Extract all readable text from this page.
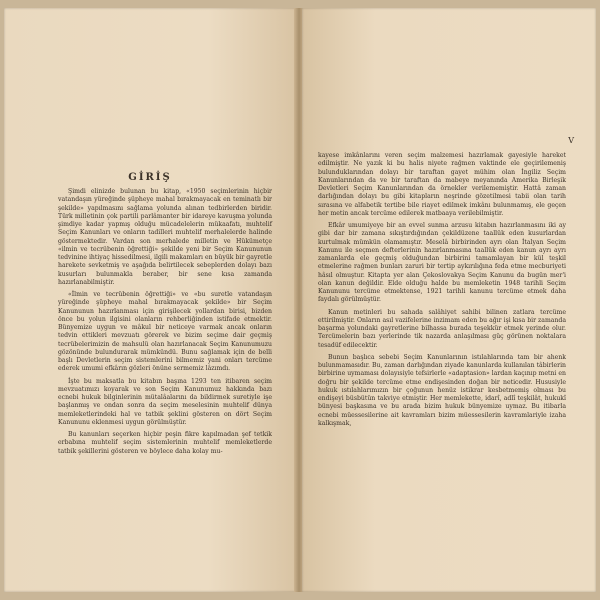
GİRİŞ

Şimdi elinizde bulunan bu kitap, «1950 seçimlerinin hiçbir vatandaşın yüreğinde şüpheye mahal bırakmayacak en teminatlı bir şekilde» yapılmasını sağlama yolunda alınan tedbirlerden biridir. Türk milletinin çok partili parlâmanter bir idareye kavuşma yolunda şimdiye kadar yapmış olduğu mücadelelerin mükaafatı, muhtelif Seçim Kanunları ve onların tadilleri muhtelif merhalelerde halinde göstermektedir. Vardan son merhalede milletin ve Hükümetçe «ilmin ve tecrübenin öğrettiği» şekilde yeni bir Seçim Kanununun tedvinine ihtiyaç hissedilmesi, ilgili makamları en büyük bir gayretle harekete sevketmiş ve aşağıda belirtilecek sebeplerden dolayı bazı kusurları bulunmakla beraber, bir sene kısa zamanda hazırlanabilmiştir.

«İlmin ve tecrübenin öğrettiği» ve «bu suretle vatandaşın yüreğinde şüpheye mahal bırakmayacak şekilde» bir Seçim Kanununun hazırlanması için girişilecek yollardan birisi, bizden önce bu yolun ilgisini olanların rehberliğinden istifade etmektir. Bünyemize uygun ve mâkul bir neticeye varmak ancak onların tedvin ettikleri mevzuatı görerek ve bizim seçime dair geçmiş tecrübelerimizin de mahsulü olan hazırlanacak Seçim Kanunumuzu gözönünde bulundurarak mümkündü. Bunu sağlamak için de belli başlı Devletlerin seçim sistemlerini bilmemiz yani onları tercüme ederek umumi efkârın gözleri önüne sermemiz lâzımdı.

İşte bu maksatla bu kitabın başına 1293 ten itibaren seçim mevzuatımızı koyarak ve son Seçim Kanunumuz hakkında bazı ecnebi hukuk bilginlerinin mütalâalarını da bildirmek suretiyle işe başlanmış ve ondan sonra da seçim meselesinin muhtelif dünya memleketlerindeki hal ve tatbik şeklini gösteren on dört Seçim Kanununu eklenmesi uygun görülmüştür.

Bu kanunları seçerken hiçbir peşin fikre kapılmadan şef tetkik erbabına muhtelif seçim sistemlerinin muhtelif memleketlerde tatbik şekillerini gösteren ve böylece daha kolay mu-

V

kayese imkânlarını veren seçim malzemesi hazırlamak gayesiyle hareket edilmiştir. Ne yazık ki bu halis niyete rağmen vaktinde ele geçirilemeniş bulunduklarından dolayı bir taraftan gayet mühim olan İngiliz Seçim Kanunlarından da ve bir taraftan da mabeye meyanında Amerika Birleşik Devletleri Seçim Kanunlarından da örnekler verilememiştir. Hattâ zaman darlığından dolayı bu gibi kitapların neşrinde gözetilmesi tabii olan tarih sırasına ve alfabetik tertibe bile riayet edilmek imkânı bulunmamış, ele geçen her metin ancak tercüme edilerek matbaaya verilebilmiştir.

Efkâr umumiyeye bir an evvel sunma arzusu kitabın hazırlanmasını iki ay gibi dar bir zamana sıkıştırdığından çekildüzene taallük eden kusurlardan kurtulmak mümkün olamamıştır. Meselâ birbirinden ayrı olan İtalyan Seçim Kanunu ile seçmen defterlerinin hazırlanmasına taallük eden kanun ayrı ayrı zamanlarda ele geçmiş olduğundan birbirini tamamlayan bir kül teşkil etmelerine rağmen bunları zaruri bir tertip aykırılığına feda etme mecburiyeti hâsıl olmuştur. Kitapta yer alan Çekoslovakya Seçim Kanunu da bugün mer'i olan kanun değildir. Elde olduğu halde bu memleketin 1948 tarihli Seçim Kanununu tercüme etmektense, 1921 tarihli kanunu tercüme etmek daha faydalı görülmüştür.

Kanun metinleri bu sahada salâhiyet sahibi bilinen zatlara tercüme ettirilmiştir. Onların asıl vazifelerine inzimam eden bu ağır işi kısa bir zamanda başarma yolundaki gayretlerine bilhassa burada teşekkür etmek yerinde olur. Tercümelerin bazı yerlerinde tik nazarda anlaşılması güç görünen noktalara tesadüf edilecektir.

Bunun başlıca sebebi Seçim Kanunlarının istılahlarında tam bir ahenk bulunmamasıdır. Bu, zaman darlığından ziyade kanunlarda kullanılan tâbirlerin birbirine uymaması dolayısiyle tefsirlerle «adaptasion» lardan kaçınıp metni en doğru bir şekilde tercüme etme endişesinden doğan bir neticedir. Hususiyle hukuk ıstılahlarımızın bir çoğunun henüz istikrar kesbetmemiş olması bu endişeyi büsbütün takviye etmiştir. Her memlekette, idarî, adlî teşkilât, hukukî bünyesi başkasına ve bu arada bizim hukuk bünyemize uymaz. Bu itibarla ecnebi müessesilerine ait kavramları bizim müessesilerin kavramlariyle izaha kalkışmak,
